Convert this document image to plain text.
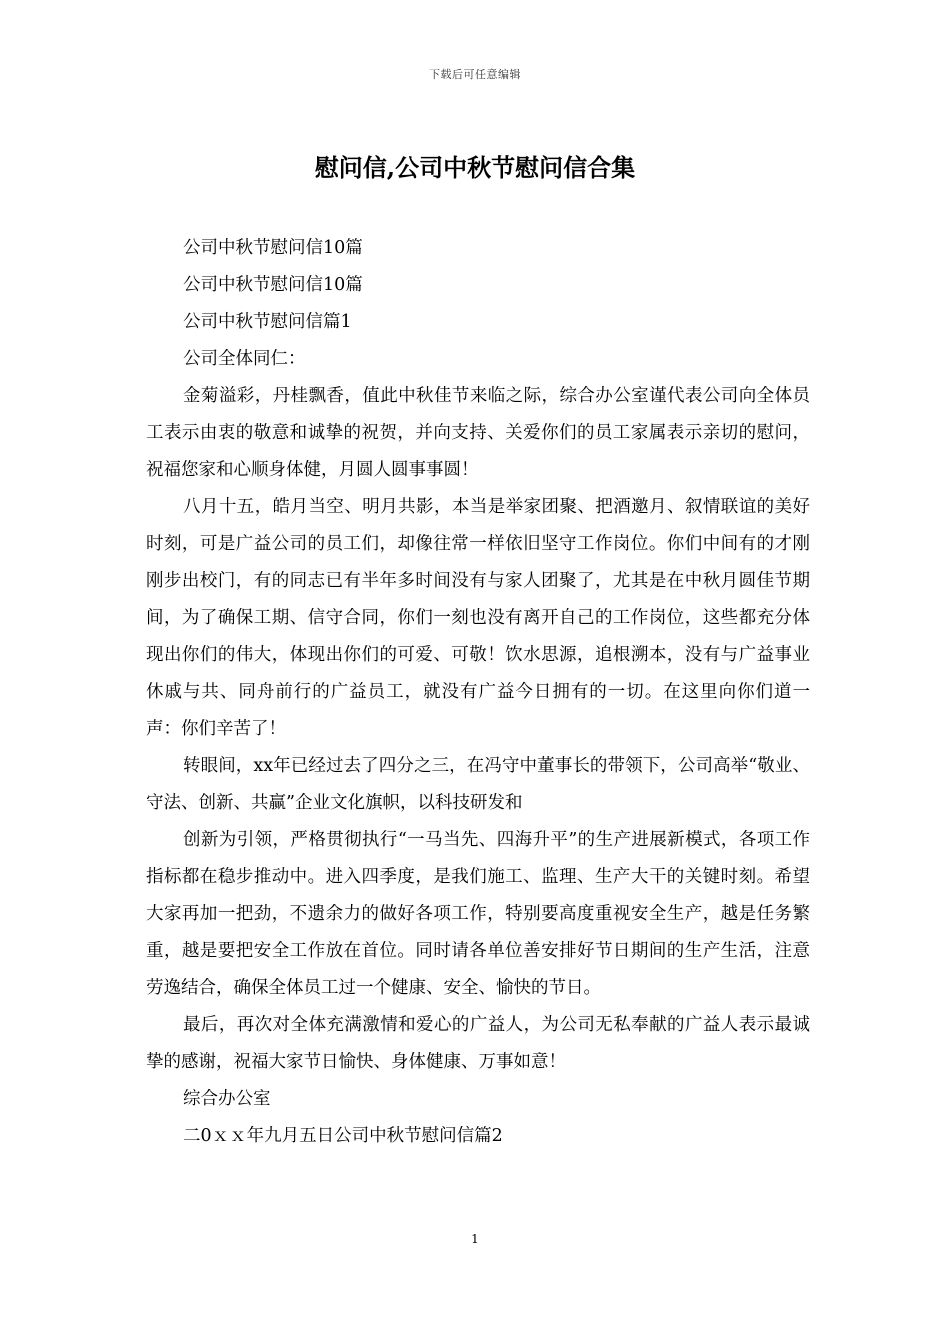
下载后可任意编辑
慰问信,公司中秋节慰问信合集

公司中秋节慰问信10篇

公司中秋节慰问信10篇

公司中秋节慰问信篇1

公司全体同仁：

金菊溢彩，丹桂飘香，值此中秋佳节来临之际，综合办公室谨代表公司向全体员工表示由衷的敬意和诚挚的祝贺，并向支持、关爱你们的员工家属表示亲切的慰问，祝福您家和心顺身体健，月圆人圆事事圆！

八月十五，皓月当空、明月共影，本当是举家团聚、把酒邀月、叙情联谊的美好时刻，可是广益公司的员工们，却像往常一样依旧坚守工作岗位。你们中间有的才刚刚步出校门，有的同志已有半年多时间没有与家人团聚了，尤其是在中秋月圆佳节期间，为了确保工期、信守合同，你们一刻也没有离开自己的工作岗位，这些都充分体现出你们的伟大，体现出你们的可爱、可敬！饮水思源，追根溯本，没有与广益事业休戚与共、同舟前行的广益员工，就没有广益今日拥有的一切。在这里向你们道一声：你们辛苦了！

转眼间，xx年已经过去了四分之三，在冯守中董事长的带领下，公司高举“敬业、守法、创新、共赢”企业文化旗帜，以科技研发和

创新为引领，严格贯彻执行“一马当先、四海升平”的生产进展新模式，各项工作指标都在稳步推动中。进入四季度，是我们施工、监理、生产大干的关键时刻。希望大家再加一把劲，不遗余力的做好各项工作，特别要高度重视安全生产，越是任务繁重，越是要把安全工作放在首位。同时请各单位善安排好节日期间的生产生活，注意劳逸结合，确保全体员工过一个健康、安全、愉快的节日。

最后，再次对全体充满激情和爱心的广益人，为公司无私奉献的广益人表示最诚挚的感谢，祝福大家节日愉快、身体健康、万事如意！

综合办公室

二0ｘｘ年九月五日公司中秋节慰问信篇2

1
